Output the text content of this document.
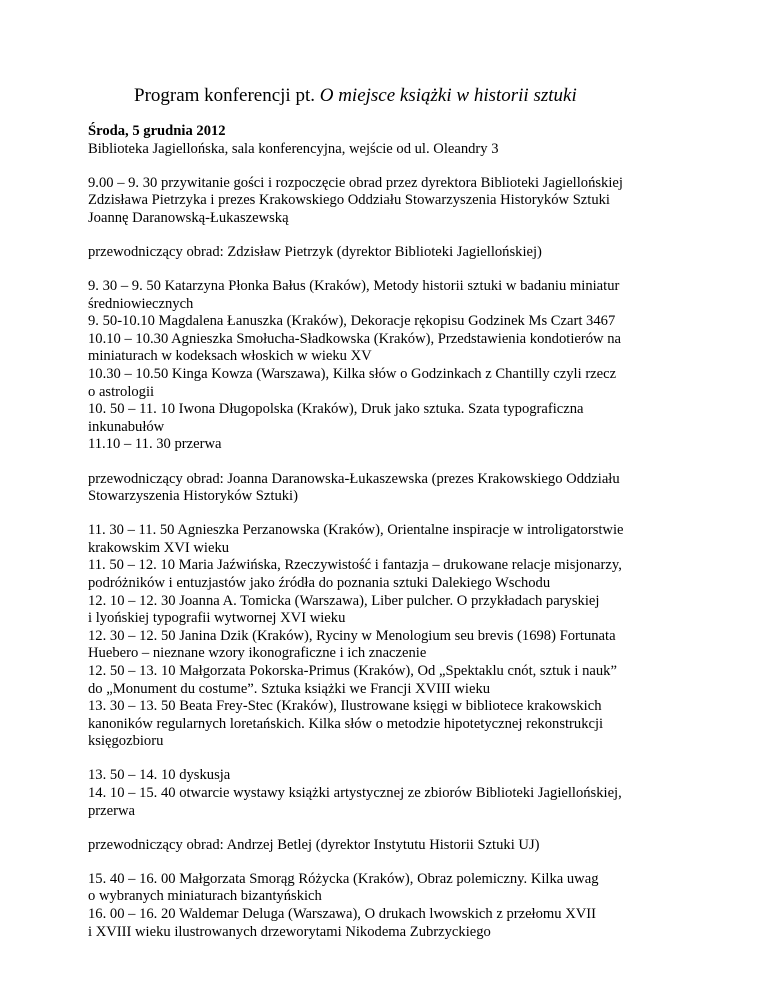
Program konferencji pt. O miejsce książki w historii sztuki
Środa, 5 grudnia 2012
Biblioteka Jagiellońska, sala konferencyjna, wejście od ul. Oleandry 3
9.00 – 9. 30 przywitanie gości i rozpoczęcie obrad przez dyrektora Biblioteki Jagiellońskiej
Zdzisława Pietrzyka i prezes Krakowskiego Oddziału Stowarzyszenia Historyków Sztuki
Joannę Daranowską-Łukaszewską
przewodniczący obrad: Zdzisław Pietrzyk (dyrektor Biblioteki Jagiellońskiej)
9. 30 – 9. 50 Katarzyna Płonka Bałus (Kraków), Metody historii sztuki w badaniu miniatur
średniowiecznych
9. 50-10.10 Magdalena Łanuszka (Kraków), Dekoracje rękopisu Godzinek Ms Czart 3467
10.10 – 10.30 Agnieszka Smołucha-Sładkowska (Kraków), Przedstawienia kondotierów na
miniaturach w kodeksach włoskich w wieku XV
10.30 – 10.50 Kinga Kowza (Warszawa), Kilka słów o Godzinkach z Chantilly czyli rzecz
o astrologii
10. 50 – 11. 10 Iwona Długopolska (Kraków), Druk jako sztuka. Szata typograficzna
inkunabułów
11.10 – 11. 30 przerwa
przewodniczący obrad: Joanna Daranowska-Łukaszewska (prezes Krakowskiego Oddziału
Stowarzyszenia Historyków Sztuki)
11. 30 – 11. 50 Agnieszka Perzanowska (Kraków), Orientalne inspiracje w introligatorstwie
krakowskim XVI wieku
11. 50 – 12. 10 Maria Jaźwińska, Rzeczywistość i fantazja – drukowane relacje misjonarzy,
podróżników i entuzjastów jako źródła do poznania sztuki Dalekiego Wschodu
12. 10 – 12. 30 Joanna A. Tomicka (Warszawa), Liber pulcher. O przykładach paryskiej
i lyońskiej typografii wytwornej XVI wieku
12. 30 – 12. 50 Janina Dzik (Kraków), Ryciny w Menologium seu brevis (1698) Fortunata
Huebero – nieznane wzory ikonograficzne i ich znaczenie
12. 50 – 13. 10 Małgorzata Pokorska-Primus (Kraków), Od „Spektaklu cnót, sztuk i nauk”
do „Monument du costume”. Sztuka książki we Francji XVIII wieku
13. 30 – 13. 50 Beata Frey-Stec (Kraków), Ilustrowane księgi w bibliotece krakowskich
kanoników regularnych loretańskich. Kilka słów o metodzie hipotetycznej rekonstrukcji
księgozbioru
13. 50 – 14. 10 dyskusja
14. 10 – 15. 40 otwarcie wystawy książki artystycznej ze zbiorów Biblioteki Jagiellońskiej,
przerwa
przewodniczący obrad: Andrzej Betlej (dyrektor Instytutu Historii Sztuki UJ)
15. 40 – 16. 00 Małgorzata Smorąg Różycka (Kraków), Obraz polemiczny. Kilka uwag
o wybranych miniaturach bizantyńskich
16. 00 – 16. 20 Waldemar Deluga (Warszawa), O drukach lwowskich z przełomu XVII
i XVIII wieku ilustrowanych drzeworytami Nikodema Zubrzyckiego
